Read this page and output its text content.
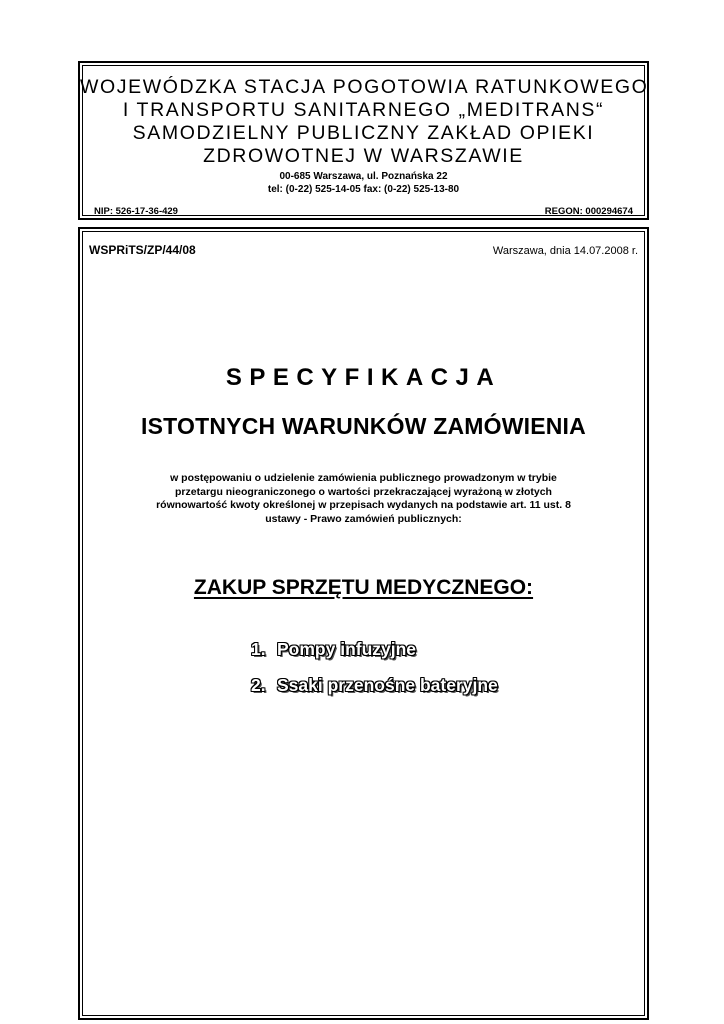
WOJEWÓDZKA STACJA POGOTOWIA RATUNKOWEGO
I TRANSPORTU SANITARNEGO „MEDITRANS“
SAMODZIELNY PUBLICZNY ZAKŁAD OPIEKI
ZDROWOTNEJ W WARSZAWIE
00-685 Warszawa, ul. Poznańska 22
tel: (0-22) 525-14-05 fax: (0-22) 525-13-80
NIP: 526-17-36-429	REGON: 000294674
WSPRiTS/ZP/44/08	Warszawa, dnia 14.07.2008 r.
SPECYFIKACJA
ISTOTNYCH WARUNKÓW ZAMÓWIENIA
w postępowaniu o udzielenie zamówienia publicznego prowadzonym w trybie
przetargu nieograniczonego o wartości przekraczającej wyrażoną w złotych
równowartość kwoty określonej w przepisach wydanych na podstawie art. 11 ust. 8
ustawy - Prawo zamówień publicznych:
ZAKUP SPRZĘTU MEDYCZNEGO:
1. Pompy infuzyjne
2. Ssaki przenośne bateryjne
